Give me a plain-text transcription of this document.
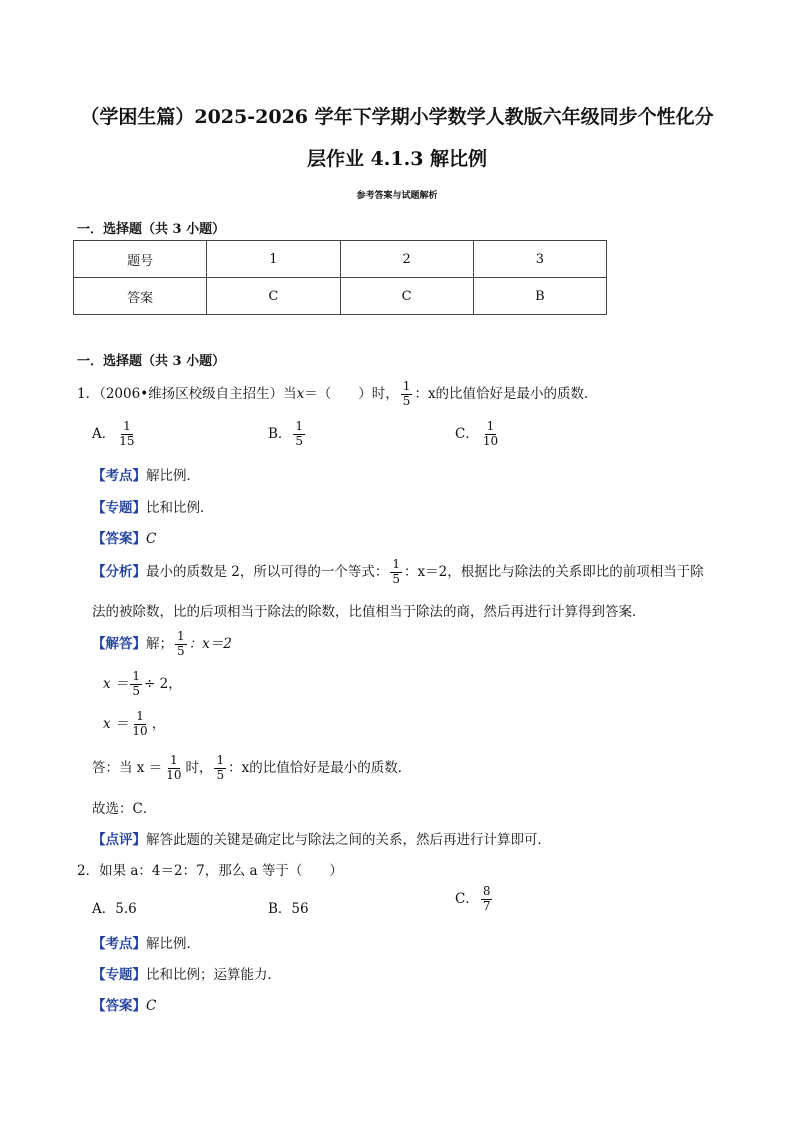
（学困生篇）2025-2026 学年下学期小学数学人教版六年级同步个性化分
层作业 4.1.3 解比例
参考答案与试题解析
一．选择题（共 3 小题）
题号	1	2	3
答案	C	C	B
一．选择题（共 3 小题）
1．（2006•维扬区校级自主招生）当x＝（　　）时， $\frac{1}{5}$ ：x的比值恰好是最小的质数．
A． $\frac{1}{15}$	B． $\frac{1}{5}$	C． $\frac{1}{10}$
【考点】解比例．
【专题】比和比例．
【答案】C
【分析】最小的质数是 2，所以可得的一个等式： $\frac{1}{5}$ ：x＝2，根据比与除法的关系即比的前项相当于除
法的被除数，比的后项相当于除法的除数，比值相当于除法的商，然后再进行计算得到答案．
【解答】解； $\frac{1}{5}$ ：x＝2
$x = \frac{1}{5} \div 2$，
$x = \frac{1}{10}$ ，
答：当 $x = \frac{1}{10}$ 时， $\frac{1}{5}$ ：x的比值恰好是最小的质数．
故选：C．
【点评】解答此题的关键是确定比与除法之间的关系，然后再进行计算即可．
2．如果 a：4＝2：7，那么 a 等于（　　）
A．5.6	B．56
C． $\frac{8}{7}$
【考点】解比例．
【专题】比和比例；运算能力．
【答案】C
